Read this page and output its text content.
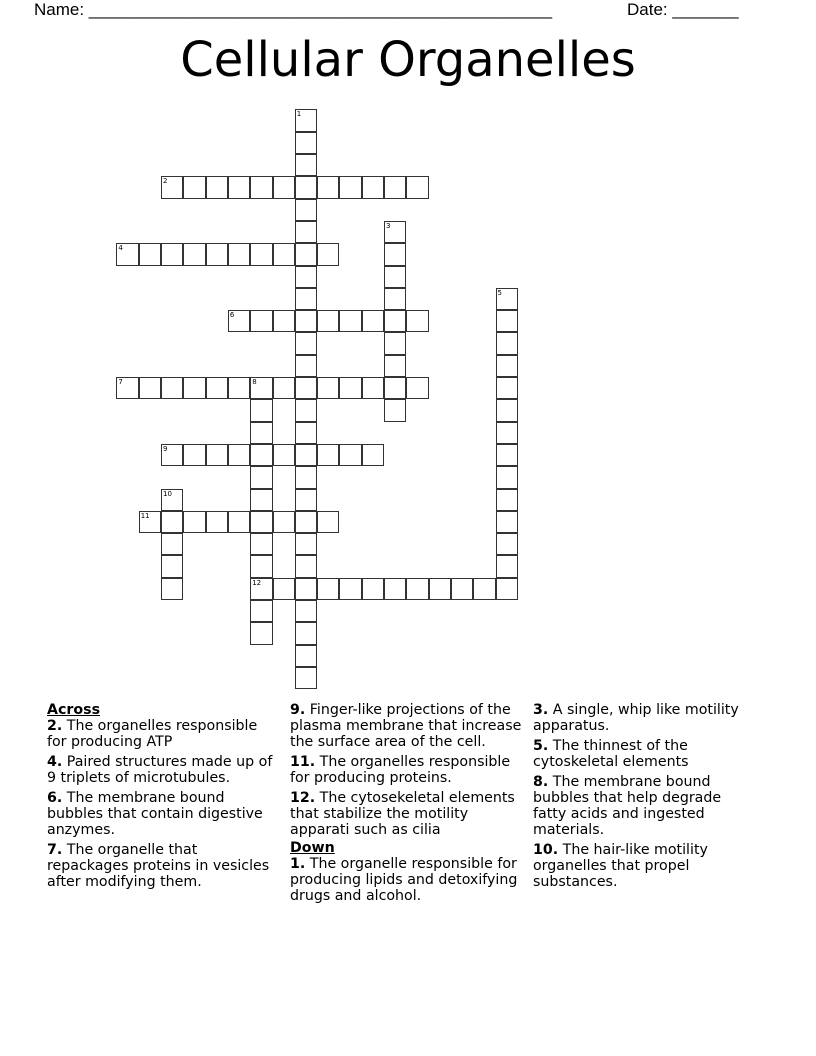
Name: _________________________________________________	Date: _______
Cellular Organelles
1
2
3
4
5
6
7	8
12
9
10
11
Across
2. The organelles responsible for producing ATP
4. Paired structures made up of 9 triplets of microtubules.
6. The membrane bound bubbles that contain digestive anzymes.
7. The organelle that repackages proteins in vesicles after modifying them.
9. Finger-like projections of the plasma membrane that increase the surface area of the cell.
11. The organelles responsible for producing proteins.
12. The cytosekeletal elements that stabilize the motility apparati such as cilia
Down
1. The organelle responsible for producing lipids and detoxifying drugs and alcohol.
3. A single, whip like motility apparatus.
5. The thinnest of the cytoskeletal elements
8. The membrane bound bubbles that help degrade fatty acids and ingested materials.
10. The hair-like motility organelles that propel substances.
